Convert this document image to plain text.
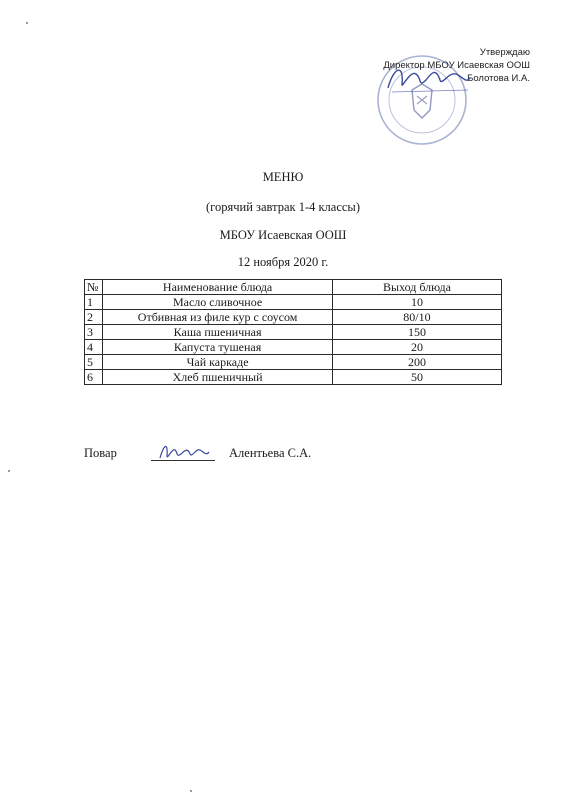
Утверждаю
Директор МБОУ Исаевская ООШ
Болотова И.А.
МЕНЮ
(горячий завтрак 1-4 классы)
МБОУ Исаевская ООШ
12 ноября 2020 г.
№	Наименование блюда	Выход блюда
1	Масло сливочное	10
2	Отбивная из филе кур с соусом	80/10
3	Каша пшеничная	150
4	Капуста тушеная	20
5	Чай каркаде	200
6	Хлеб пшеничный	50
Повар	Алентьева С.А.
